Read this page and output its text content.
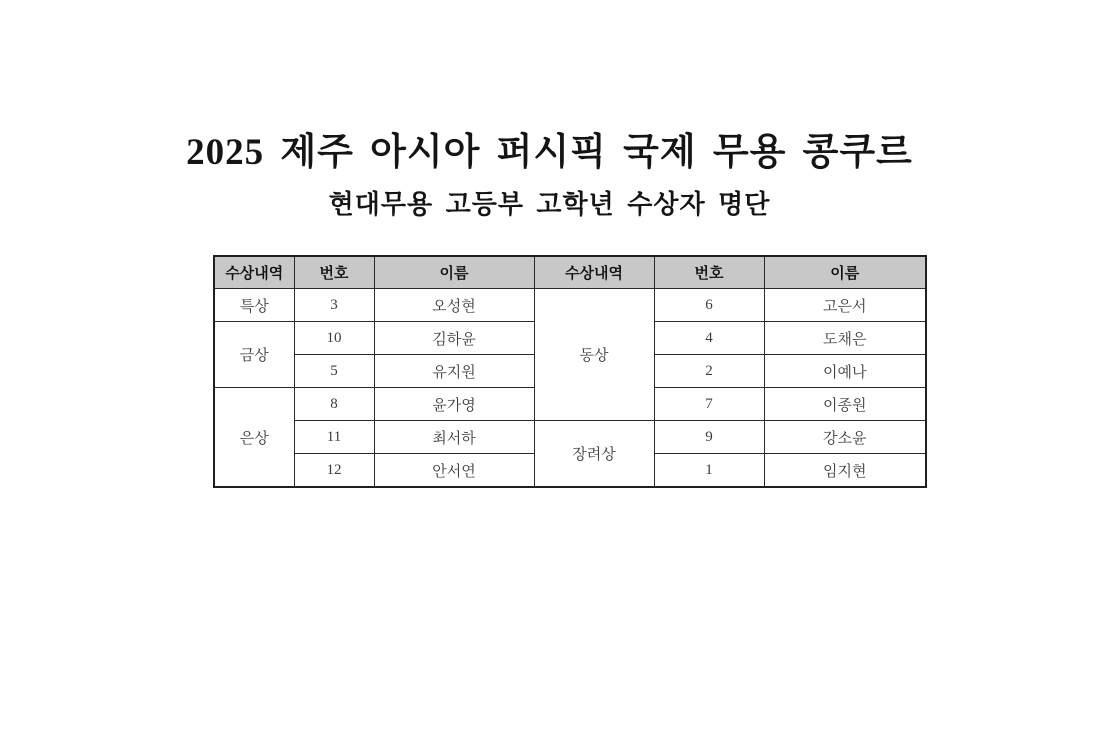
2025 제주 아시아 퍼시픽 국제 무용 콩쿠르
현대무용 고등부 고학년 수상자 명단
수상내역	번호	이름	수상내역	번호	이름
특상	3	오성현	동상	6	고은서
금상	10	김하윤		4	도채은
	5	유지원		2	이예나
은상	8	윤가영		7	이종원
	11	최서하	장려상	9	강소윤
	12	안서연		1	임지현
